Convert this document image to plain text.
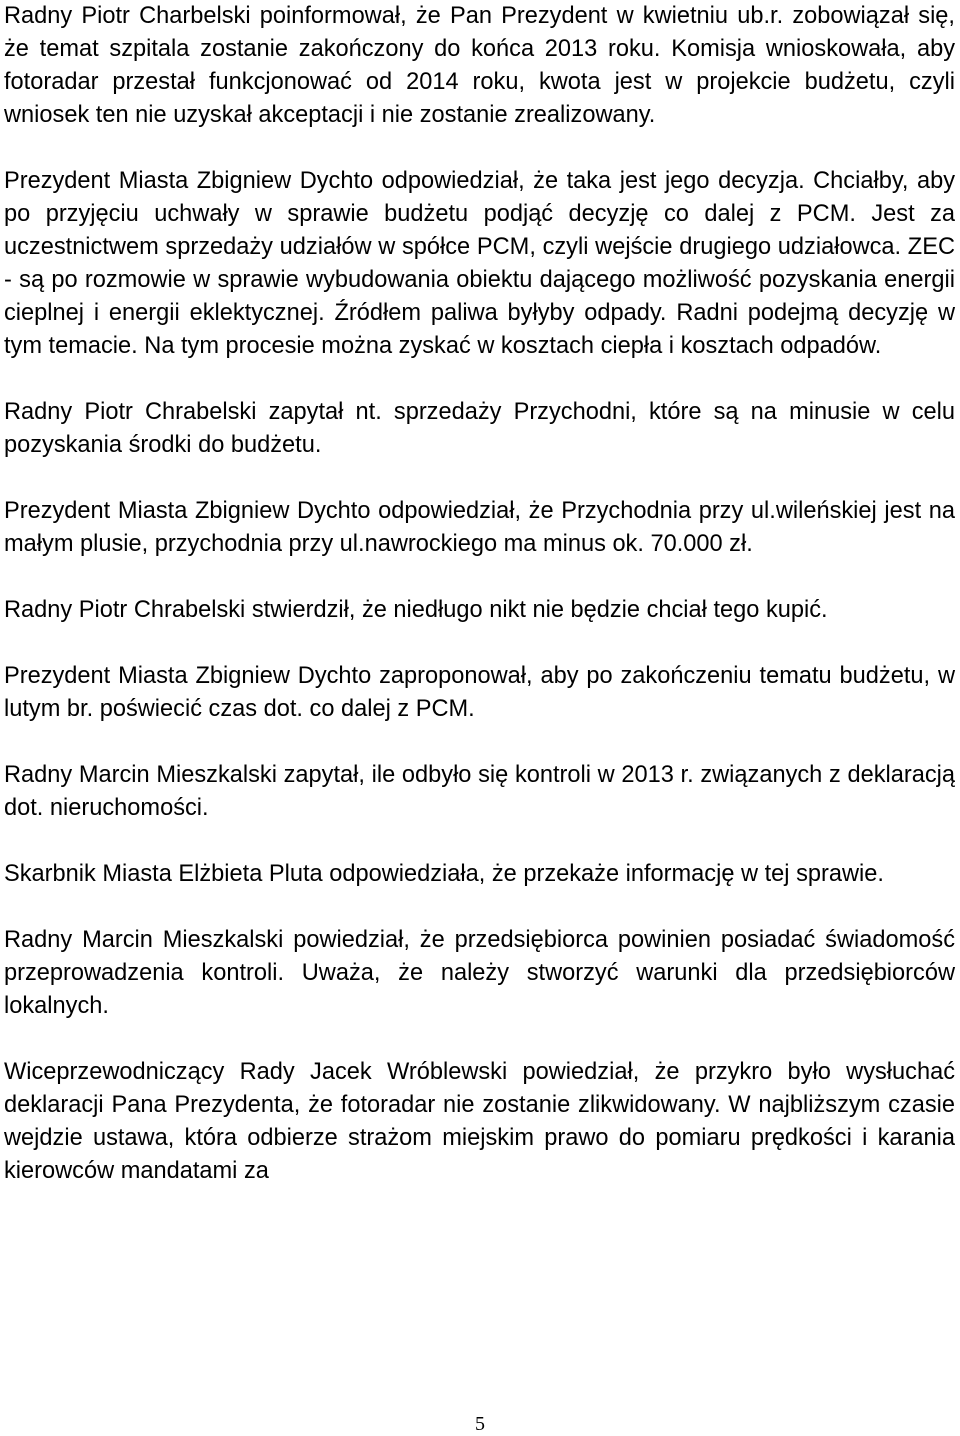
Radny Piotr Charbelski poinformował, że Pan Prezydent w kwietniu ub.r. zobowiązał się, że temat szpitala zostanie zakończony do końca 2013 roku. Komisja wnioskowała, aby fotoradar przestał funkcjonować od 2014 roku, kwota jest w projekcie budżetu, czyli wniosek ten nie uzyskał akceptacji i nie zostanie zrealizowany.

Prezydent Miasta Zbigniew Dychto odpowiedział, że taka jest jego decyzja. Chciałby, aby po przyjęciu uchwały w sprawie budżetu podjąć decyzję co dalej z PCM. Jest za uczestnictwem sprzedaży udziałów w spółce PCM, czyli wejście drugiego udziałowca. ZEC - są po rozmowie w sprawie wybudowania obiektu dającego możliwość pozyskania energii cieplnej i energii eklektycznej. Źródłem paliwa byłyby odpady. Radni podejmą decyzję w tym temacie. Na tym procesie można zyskać w kosztach ciepła i kosztach odpadów.

Radny Piotr Chrabelski zapytał nt. sprzedaży Przychodni, które są na minusie w celu pozyskania środki do budżetu.

Prezydent Miasta Zbigniew Dychto odpowiedział, że Przychodnia przy ul.wileńskiej jest na małym plusie, przychodnia przy ul.nawrockiego ma minus ok. 70.000 zł.

Radny Piotr Chrabelski stwierdził, że niedługo nikt nie będzie chciał tego kupić.

Prezydent Miasta Zbigniew Dychto zaproponował, aby po zakończeniu tematu budżetu, w lutym br. poświecić czas dot. co dalej z PCM.

Radny Marcin Mieszkalski zapytał, ile odbyło się kontroli w 2013 r. związanych z deklaracją dot. nieruchomości.

Skarbnik Miasta Elżbieta Pluta odpowiedziała, że przekaże informację w tej sprawie.

Radny Marcin Mieszkalski powiedział, że przedsiębiorca powinien posiadać świadomość przeprowadzenia kontroli. Uważa, że należy stworzyć warunki dla przedsiębiorców lokalnych.

Wiceprzewodniczący Rady Jacek Wróblewski powiedział, że przykro było wysłuchać deklaracji Pana Prezydenta, że fotoradar nie zostanie zlikwidowany. W najbliższym czasie wejdzie ustawa, która odbierze strażom miejskim prawo do pomiaru prędkości i karania kierowców mandatami za

5
